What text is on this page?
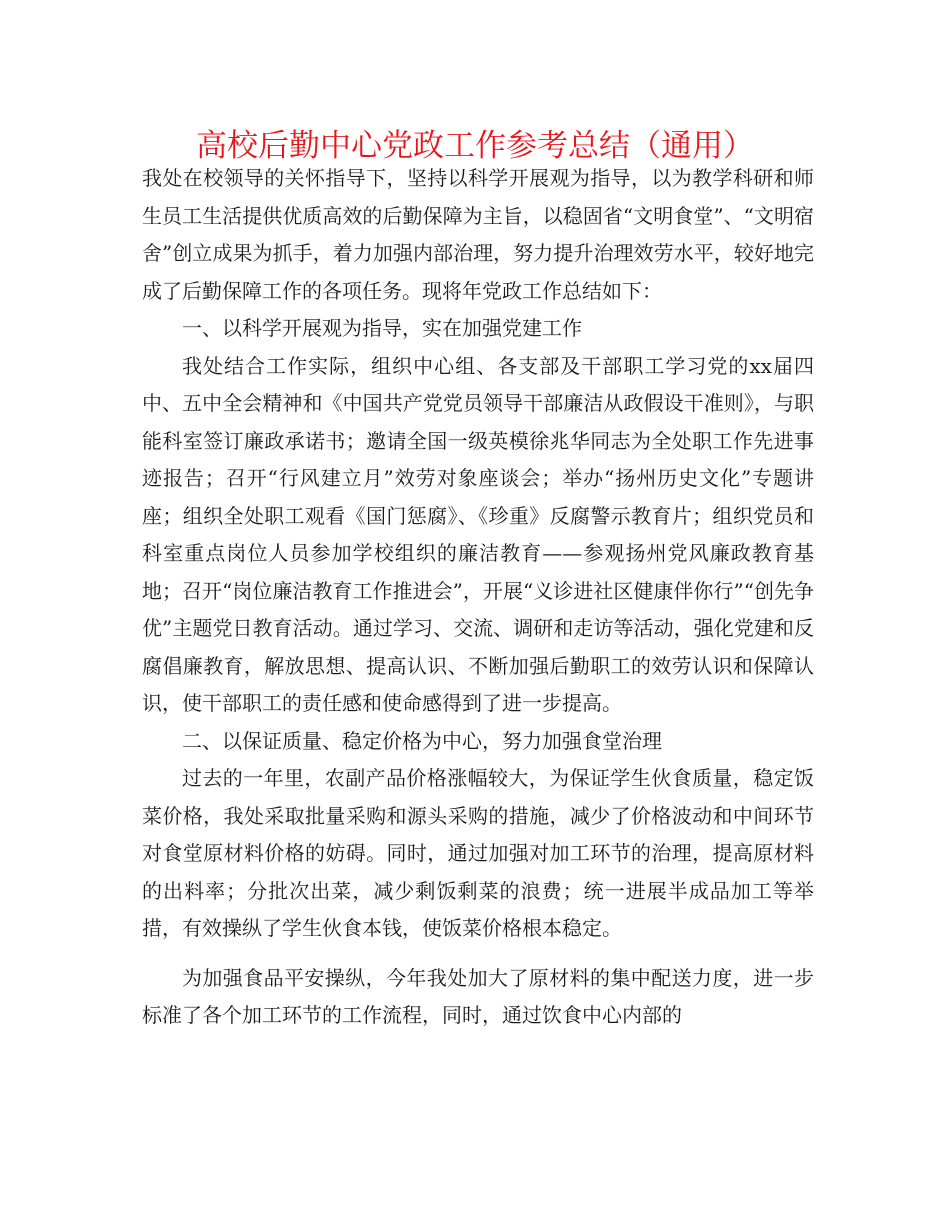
高校后勤中心党政工作参考总结（通用）

我处在校领导的关怀指导下，坚持以科学开展观为指导，以为教学科研和师生员工生活提供优质高效的后勤保障为主旨，以稳固省“文明食堂”、“文明宿舍”创立成果为抓手，着力加强内部治理，努力提升治理效劳水平，较好地完成了后勤保障工作的各项任务。现将年党政工作总结如下：

一、以科学开展观为指导，实在加强党建工作

我处结合工作实际，组织中心组、各支部及干部职工学习党的xx届四中、五中全会精神和《中国共产党党员领导干部廉洁从政假设干准则》，与职能科室签订廉政承诺书；邀请全国一级英模徐兆华同志为全处职工作先进事迹报告；召开“行风建立月”效劳对象座谈会；举办“扬州历史文化”专题讲座；组织全处职工观看《国门惩腐》、《珍重》反腐警示教育片；组织党员和科室重点岗位人员参加学校组织的廉洁教育——参观扬州党风廉政教育基地；召开“岗位廉洁教育工作推进会”，开展“义诊进社区健康伴你行”“创先争优”主题党日教育活动。通过学习、交流、调研和走访等活动，强化党建和反腐倡廉教育，解放思想、提高认识、不断加强后勤职工的效劳认识和保障认识，使干部职工的责任感和使命感得到了进一步提高。

二、以保证质量、稳定价格为中心，努力加强食堂治理

过去的一年里，农副产品价格涨幅较大，为保证学生伙食质量，稳定饭菜价格，我处采取批量采购和源头采购的措施，减少了价格波动和中间环节对食堂原材料价格的妨碍。同时，通过加强对加工环节的治理，提高原材料的出料率；分批次出菜，减少剩饭剩菜的浪费；统一进展半成品加工等举措，有效操纵了学生伙食本钱，使饭菜价格根本稳定。

为加强食品平安操纵，今年我处加大了原材料的集中配送力度，进一步标准了各个加工环节的工作流程，同时，通过饮食中心内部的
